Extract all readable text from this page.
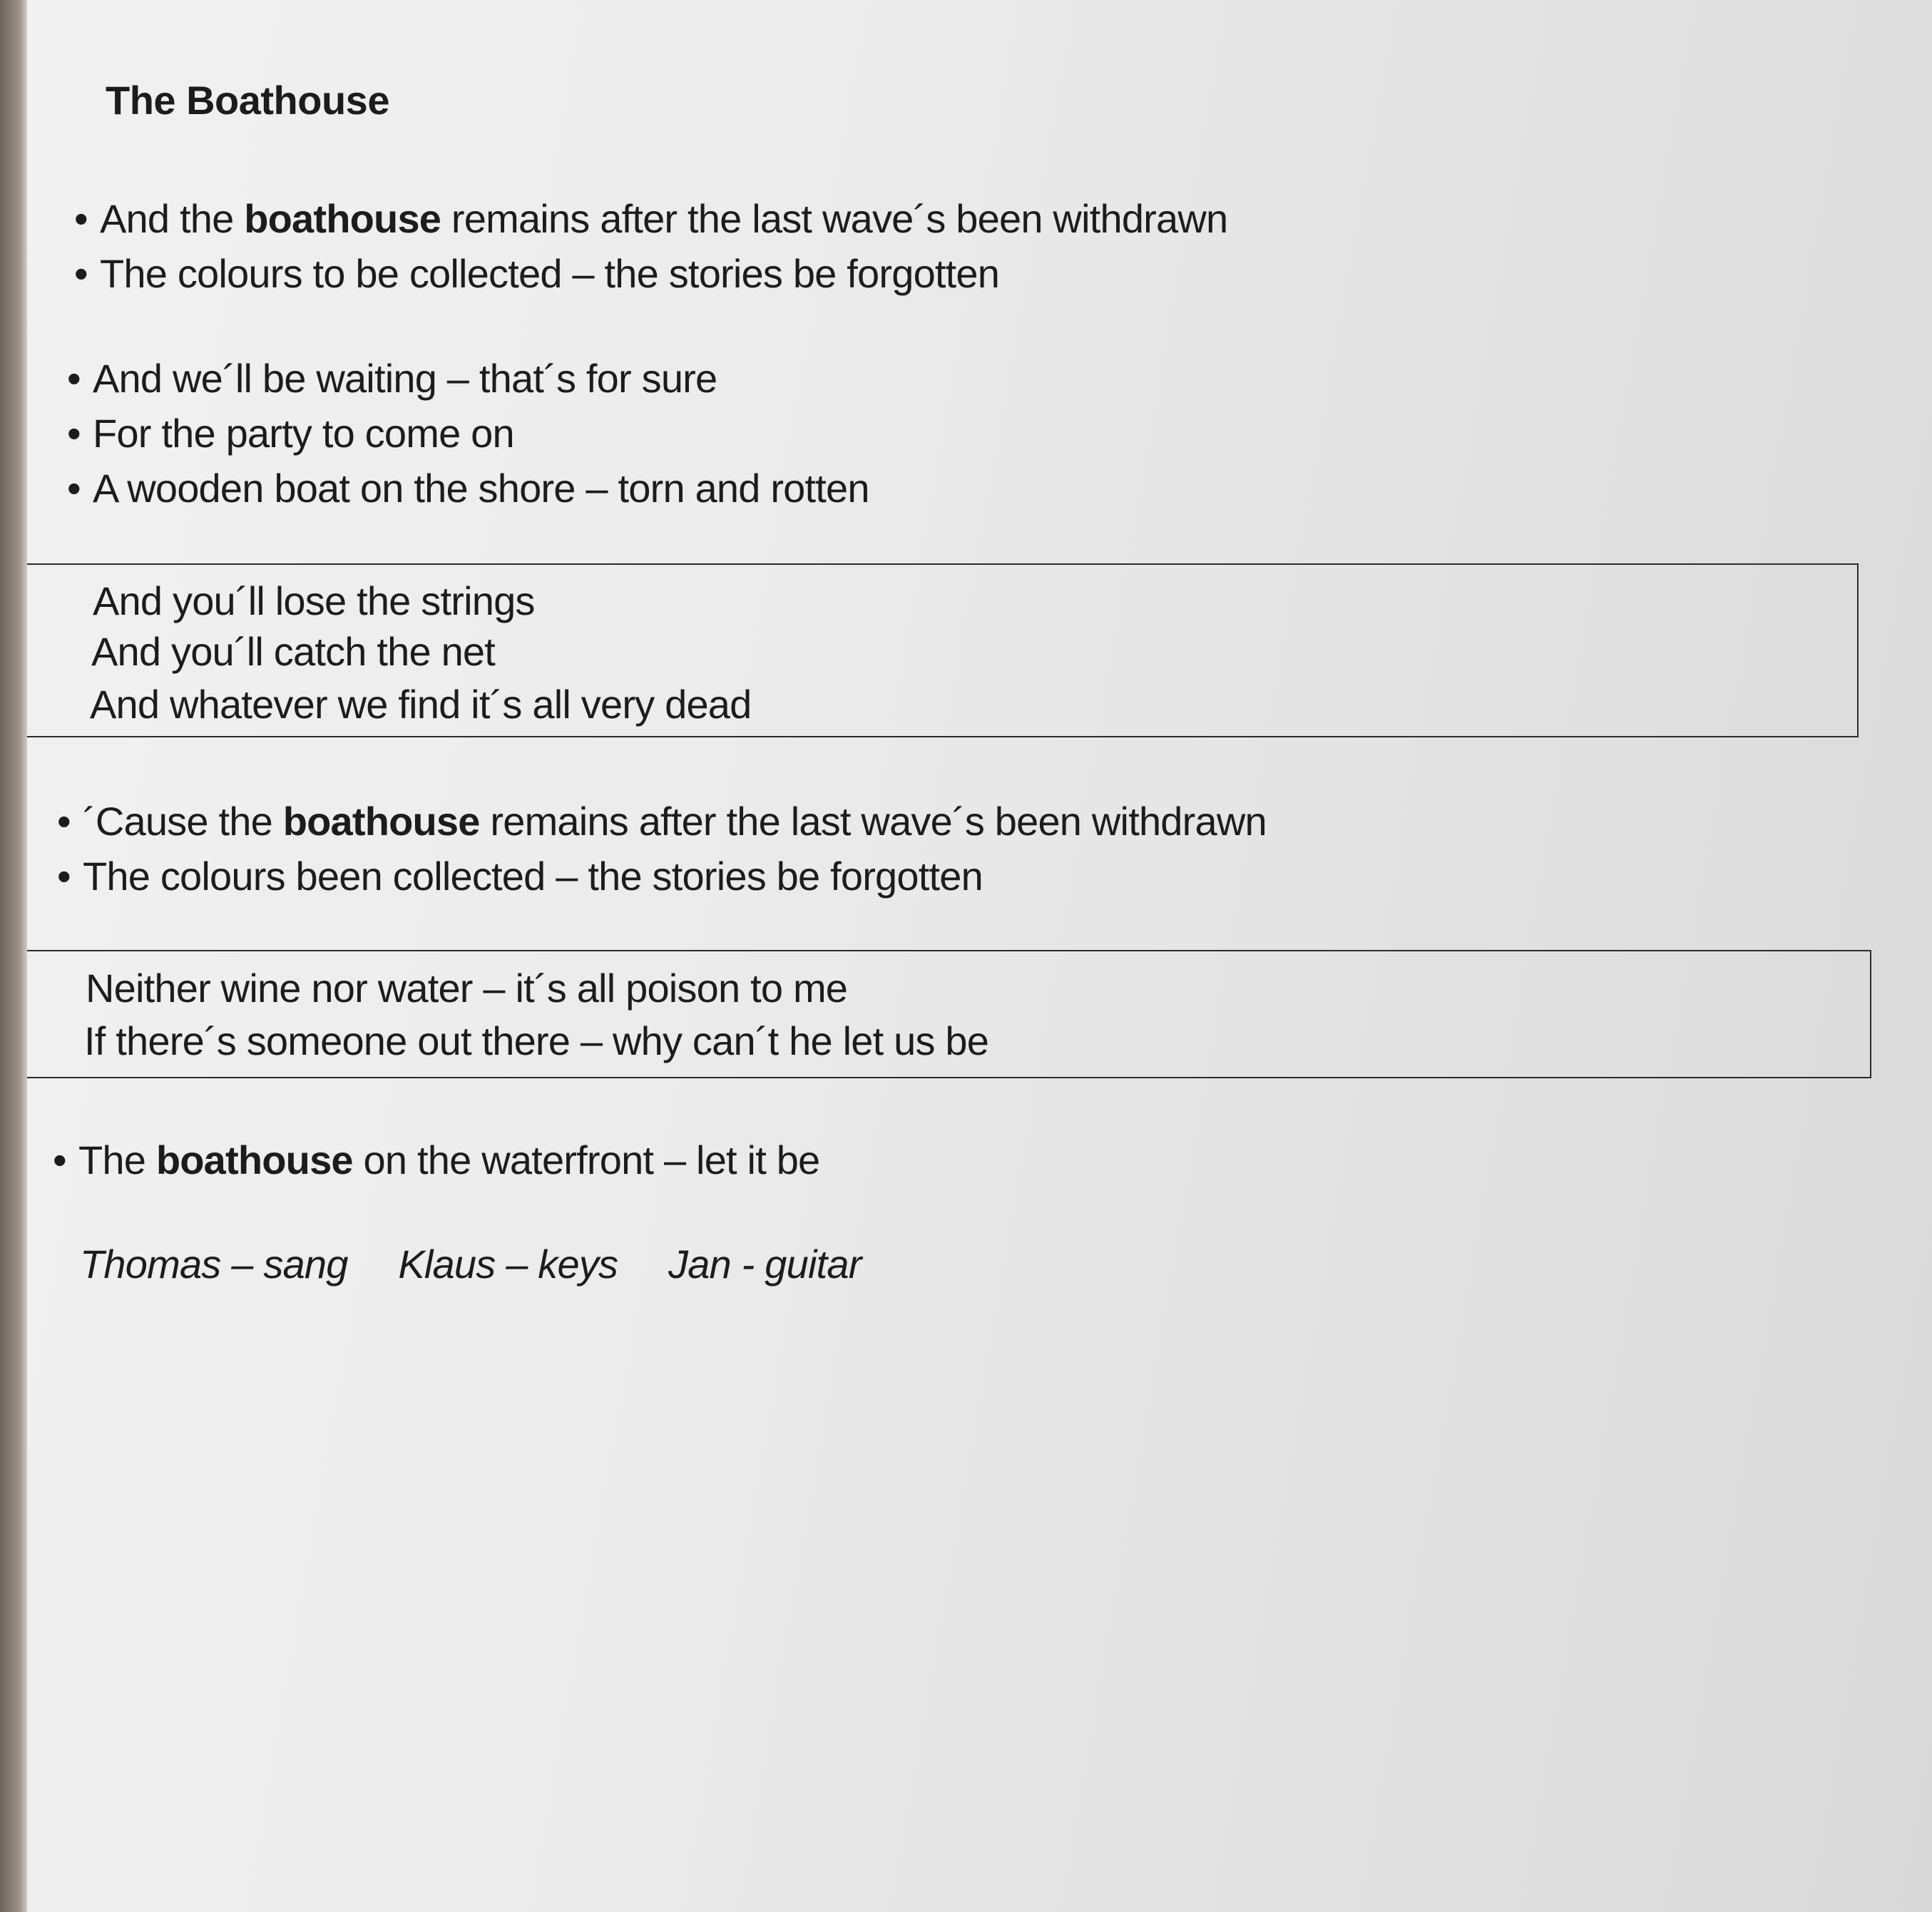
The Boathouse
• And the boathouse remains after the last wave´s been withdrawn
• The colours to be collected – the stories be forgotten
• And we´ll be waiting – that´s for sure
• For the party to come on
• A wooden boat on the shore – torn and rotten
And you´ll lose the strings
And you´ll catch the net
And whatever we find it´s all very dead
• ´Cause the boathouse remains after the last wave´s been withdrawn
• The colours been collected – the stories be forgotten
Neither wine nor water – it´s all poison to me
If there´s someone out there – why can´t he let us be
• The boathouse on the waterfront – let it be
Thomas – sang Klaus – keys Jan - guitar
